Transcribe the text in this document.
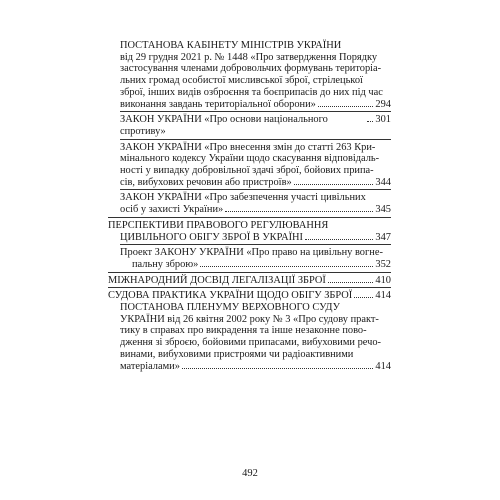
ПОСТАНОВА КАБІНЕТУ МІНІСТРІВ УКРАЇНИ
від 29 грудня 2021 р. № 1448 «Про затвердження Порядку
застосування членами добровольчих формувань територіа-
льних громад особистої мисливської зброї, стрілецької
зброї, інших видів озброєння та боєприпасів до них під час
виконання завдань територіальної оборони»	294
ЗАКОН УКРАЇНИ «Про основи національного спротиву»
301
ЗАКОН УКРАЇНИ «Про внесення змін до статті 263 Кри-
мінального кодексу України щодо скасування відповідаль-
ності у випадку добровільної здачі зброї, бойових припа-
сів, вибухових речовин або пристроїв»	344
ЗАКОН УКРАЇНИ «Про забезпечення участі цивільних
осіб у захисті України»	345
ПЕРСПЕКТИВИ ПРАВОВОГО РЕГУЛЮВАННЯ
ЦИВІЛЬНОГО ОБІГУ ЗБРОЇ В УКРАЇНІ	347
Проект ЗАКОНУ УКРАЇНИ «Про право на цивільну вогне-
пальну зброю»	352
МІЖНАРОДНИЙ ДОСВІД ЛЕГАЛІЗАЦІЇ ЗБРОЇ	410
СУДОВА ПРАКТИКА УКРАЇНИ ЩОДО ОБІГУ ЗБРОЇ 414
ПОСТАНОВА ПЛЕНУМУ ВЕРХОВНОГО СУДУ
УКРАЇНИ від 26 квітня 2002 року № 3 «Про судову практ-
тику в справах про викрадення та інше незаконне пово-
дження зі зброєю, бойовими припасами, вибуховими речо-
винами, вибуховими пристроями чи радіоактивними
матеріалами»	414
492
